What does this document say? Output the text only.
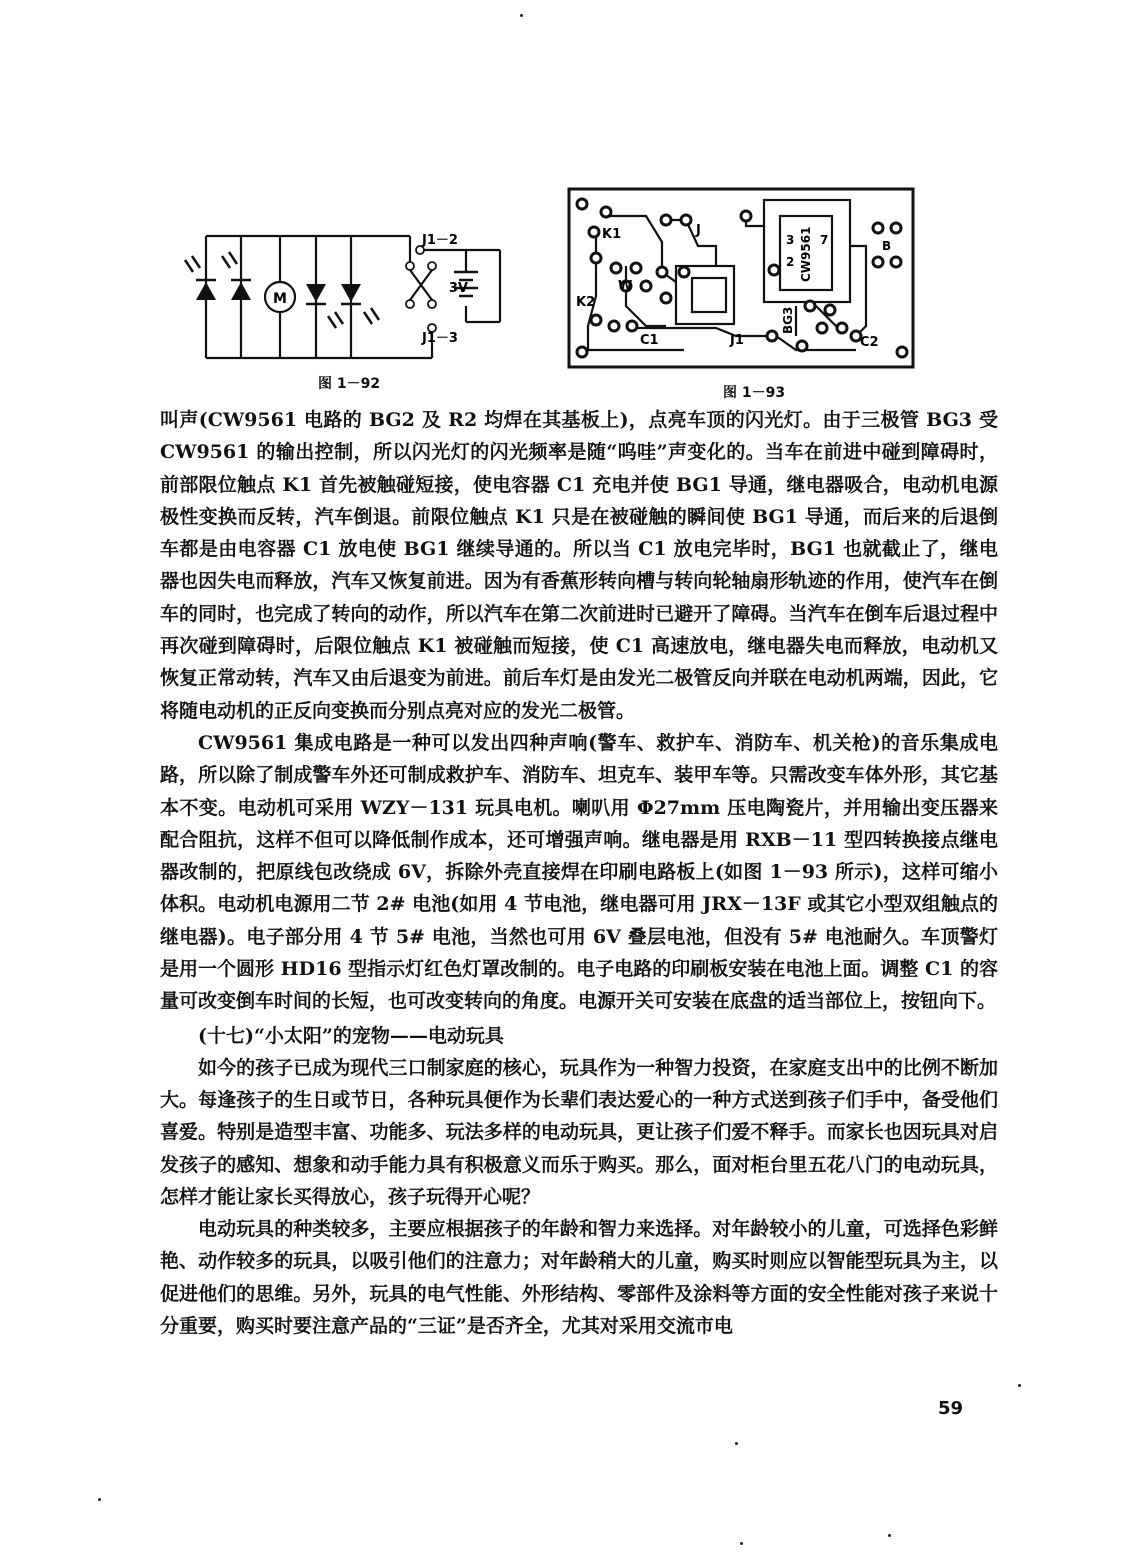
M
J1－2
J1－3
3V
图 1－92
K1	J
K2
W
C1	J1	C2
BG3
CW9561
3
2
7	B
图 1－93

叫声(CW9561 电路的 BG2 及 R2 均焊在其基板上)，点亮车顶的闪光灯。由于三极管 BG3 受 CW9561 的输出控制，所以闪光灯的闪光频率是随“呜哇”声变化的。当车在前进中碰到障碍时，前部限位触点 K1 首先被触碰短接，使电容器 C1 充电并使 BG1 导通，继电器吸合，电动机电源极性变换而反转，汽车倒退。前限位触点 K1 只是在被碰触的瞬间使 BG1 导通，而后来的后退倒车都是由电容器 C1 放电使 BG1 继续导通的。所以当 C1 放电完毕时，BG1 也就截止了，继电器也因失电而释放，汽车又恢复前进。因为有香蕉形转向槽与转向轮轴扇形轨迹的作用，使汽车在倒车的同时，也完成了转向的动作，所以汽车在第二次前进时已避开了障碍。当汽车在倒车后退过程中再次碰到障碍时，后限位触点 K1 被碰触而短接，使 C1 高速放电，继电器失电而释放，电动机又恢复正常动转，汽车又由后退变为前进。前后车灯是由发光二极管反向并联在电动机两端，因此，它将随电动机的正反向变换而分别点亮对应的发光二极管。

CW9561 集成电路是一种可以发出四种声响(警车、救护车、消防车、机关枪)的音乐集成电路，所以除了制成警车外还可制成救护车、消防车、坦克车、装甲车等。只需改变车体外形，其它基本不变。电动机可采用 WZY－131 玩具电机。喇叭用 Φ27mm 压电陶瓷片，并用输出变压器来配合阻抗，这样不但可以降低制作成本，还可增强声响。继电器是用 RXB－11 型四转换接点继电器改制的，把原线包改绕成 6V，拆除外壳直接焊在印刷电路板上(如图 1－93 所示)，这样可缩小体积。电动机电源用二节 2# 电池(如用 4 节电池，继电器可用 JRX－13F 或其它小型双组触点的继电器)。电子部分用 4 节 5# 电池，当然也可用 6V 叠层电池，但没有 5# 电池耐久。车顶警灯是用一个圆形 HD16 型指示灯红色灯罩改制的。电子电路的印刷板安装在电池上面。调整 C1 的容量可改变倒车时间的长短，也可改变转向的角度。电源开关可安装在底盘的适当部位上，按钮向下。

(十七)“小太阳”的宠物——电动玩具

如今的孩子已成为现代三口制家庭的核心，玩具作为一种智力投资，在家庭支出中的比例不断加大。每逢孩子的生日或节日，各种玩具便作为长辈们表达爱心的一种方式送到孩子们手中，备受他们喜爱。特别是造型丰富、功能多、玩法多样的电动玩具，更让孩子们爱不释手。而家长也因玩具对启发孩子的感知、想象和动手能力具有积极意义而乐于购买。那么，面对柜台里五花八门的电动玩具，怎样才能让家长买得放心，孩子玩得开心呢？

电动玩具的种类较多，主要应根据孩子的年龄和智力来选择。对年龄较小的儿童，可选择色彩鲜艳、动作较多的玩具，以吸引他们的注意力；对年龄稍大的儿童，购买时则应以智能型玩具为主，以促进他们的思维。另外，玩具的电气性能、外形结构、零部件及涂料等方面的安全性能对孩子来说十分重要，购买时要注意产品的“三证”是否齐全，尤其对采用交流市电

59
